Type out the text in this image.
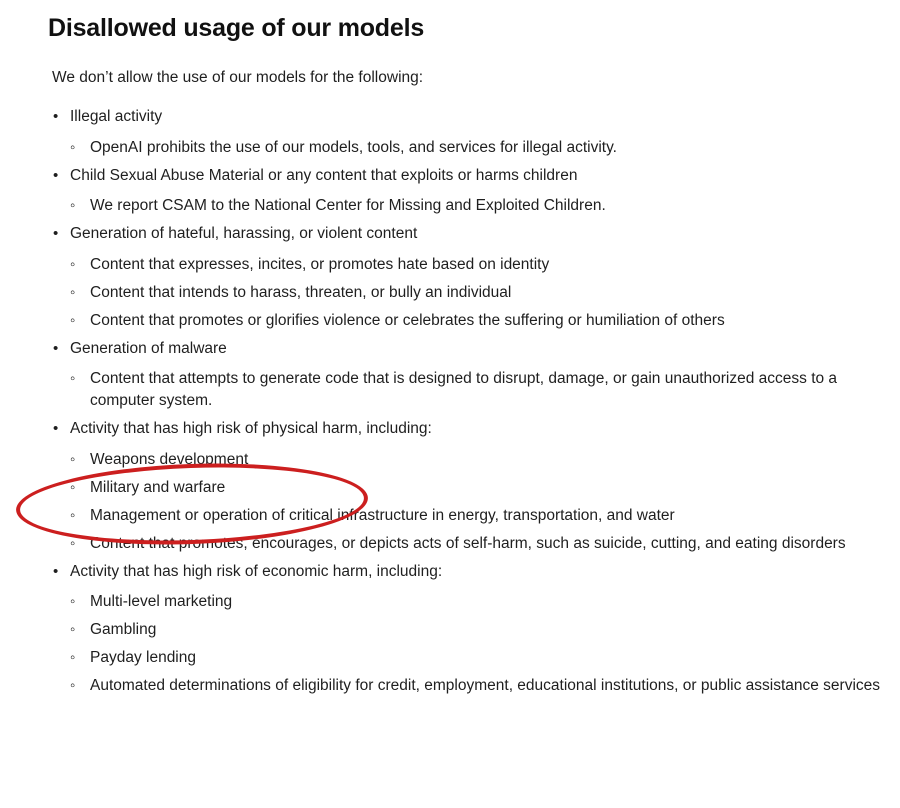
Disallowed usage of our models

We don’t allow the use of our models for the following:

• Illegal activity
◦ OpenAI prohibits the use of our models, tools, and services for illegal activity.
• Child Sexual Abuse Material or any content that exploits or harms children
◦ We report CSAM to the National Center for Missing and Exploited Children.
• Generation of hateful, harassing, or violent content
◦ Content that expresses, incites, or promotes hate based on identity
◦ Content that intends to harass, threaten, or bully an individual
◦ Content that promotes or glorifies violence or celebrates the suffering or humiliation of others
• Generation of malware
◦ Content that attempts to generate code that is designed to disrupt, damage, or gain unauthorized access to a computer system.
• Activity that has high risk of physical harm, including:
◦ Weapons development
◦ Military and warfare
◦ Management or operation of critical infrastructure in energy, transportation, and water
◦ Content that promotes, encourages, or depicts acts of self-harm, such as suicide, cutting, and eating disorders
• Activity that has high risk of economic harm, including:
◦ Multi-level marketing
◦ Gambling
◦ Payday lending
◦ Automated determinations of eligibility for credit, employment, educational institutions, or public assistance services
